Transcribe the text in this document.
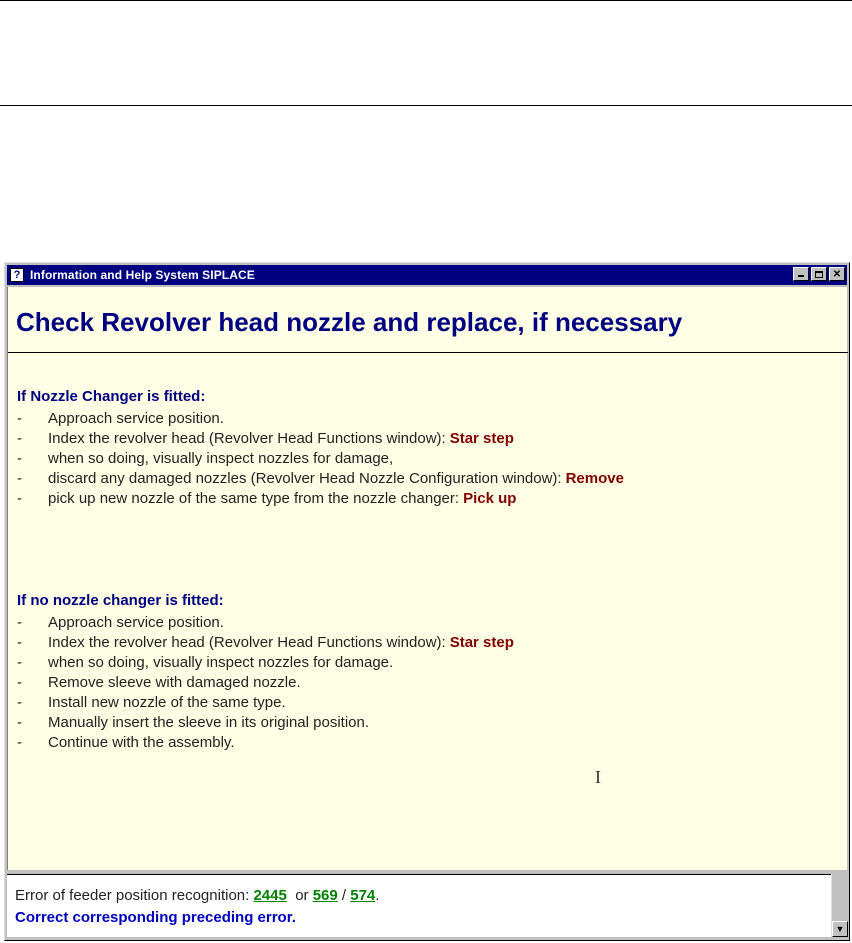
? Information and Help System SIPLACE	✕
Check Revolver head nozzle and replace, if necessary
If Nozzle Changer is fitted:
-	Approach service position.
-	Index the revolver head (Revolver Head Functions window): Star step
-	when so doing, visually inspect nozzles for damage,
-	discard any damaged nozzles (Revolver Head Nozzle Configuration window): Remove
-	pick up new nozzle of the same type from the nozzle changer: Pick up
If no nozzle changer is fitted:
-	Approach service position.
-	Index the revolver head (Revolver Head Functions window): Star step
-	when so doing, visually inspect nozzles for damage.
-	Remove sleeve with damaged nozzle.
-	Install new nozzle of the same type.
-	Manually insert the sleeve in its original position.
-	Continue with the assembly.
I
Error of feeder position recognition: 2445 or 569 / 574.
Correct corresponding preceding error.
▼
